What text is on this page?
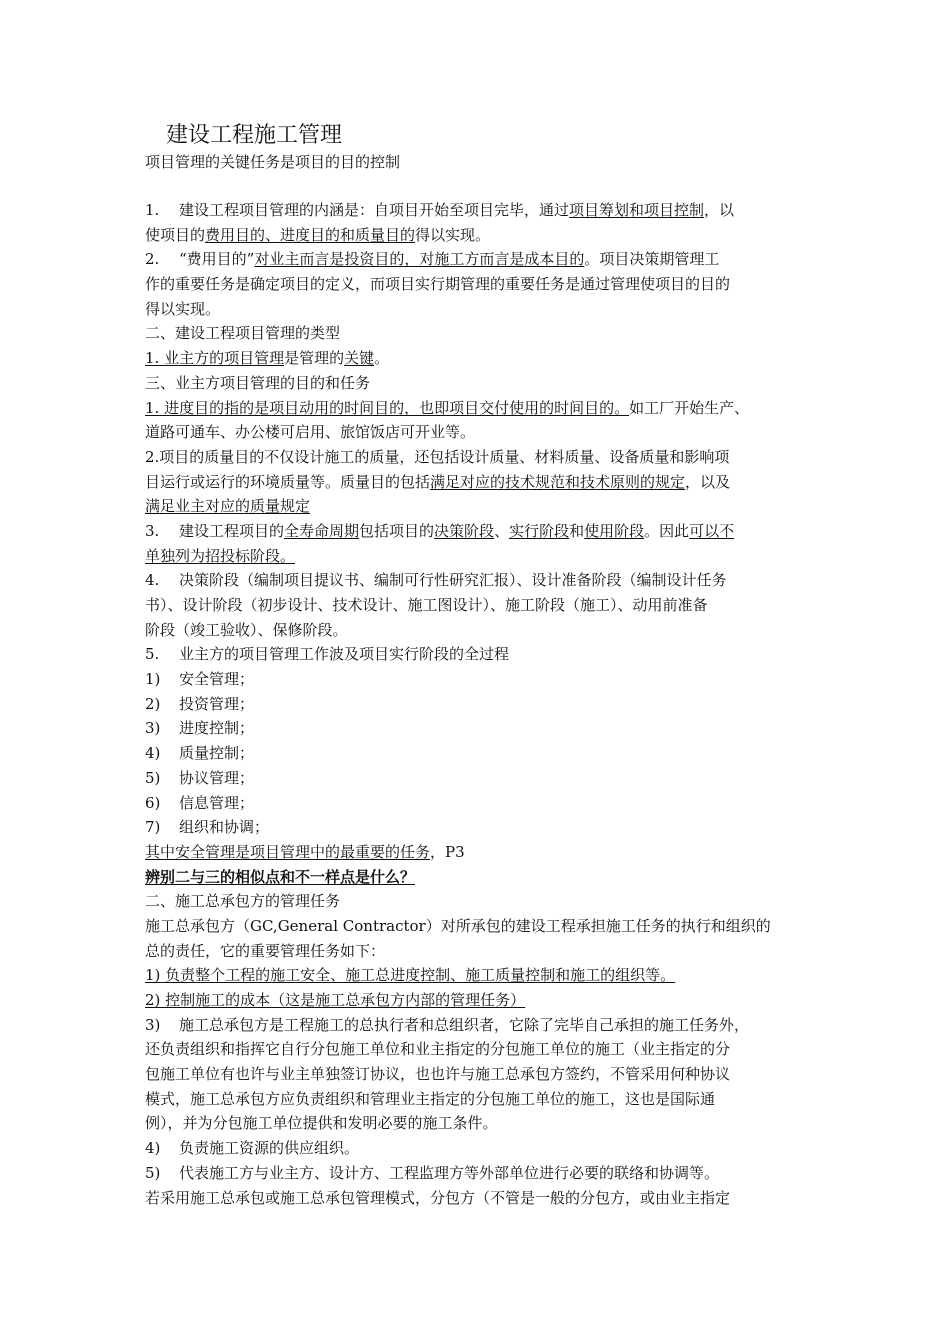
建设工程施工管理
项目管理的关键任务是项目的目的控制
1. 建设工程项目管理的内涵是：自项目开始至项目完毕，通过项目筹划和项目控制，以
使项目的费用目的、进度目的和质量目的得以实现。
2. “费用目的”对业主而言是投资目的，对施工方而言是成本目的。项目决策期管理工
作的重要任务是确定项目的定义，而项目实行期管理的重要任务是通过管理使项目的目的
得以实现。
二、建设工程项目管理的类型
1. 业主方的项目管理是管理的关键。
三、业主方项目管理的目的和任务
1. 进度目的指的是项目动用的时间目的，也即项目交付使用的时间目的。如工厂开始生产、
道路可通车、办公楼可启用、旅馆饭店可开业等。
2.项目的质量目的不仅设计施工的质量，还包括设计质量、材料质量、设备质量和影响项
目运行或运行的环境质量等。质量目的包括满足对应的技术规范和技术原则的规定，以及
满足业主对应的质量规定
3. 建设工程项目的全寿命周期包括项目的决策阶段、实行阶段和使用阶段。因此可以不
单独列为招投标阶段。
4. 决策阶段（编制项目提议书、编制可行性研究汇报）、设计准备阶段（编制设计任务
书）、设计阶段（初步设计、技术设计、施工图设计）、施工阶段（施工）、动用前准备
阶段（竣工验收）、保修阶段。
5. 业主方的项目管理工作波及项目实行阶段的全过程
1) 安全管理；
2) 投资管理；
3) 进度控制；
4) 质量控制；
5) 协议管理；
6) 信息管理；
7) 组织和协调；
其中安全管理是项目管理中的最重要的任务，P3
辨别二与三的相似点和不一样点是什么？
二、施工总承包方的管理任务
施工总承包方（GC,General Contractor）对所承包的建设工程承担施工任务的执行和组织的
总的责任，它的重要管理任务如下：
1) 负责整个工程的施工安全、施工总进度控制、施工质量控制和施工的组织等。
2) 控制施工的成本（这是施工总承包方内部的管理任务）
3) 施工总承包方是工程施工的总执行者和总组织者，它除了完毕自己承担的施工任务外，
还负责组织和指挥它自行分包施工单位和业主指定的分包施工单位的施工（业主指定的分
包施工单位有也许与业主单独签订协议，也也许与施工总承包方签约，不管采用何种协议
模式，施工总承包方应负责组织和管理业主指定的分包施工单位的施工，这也是国际通
例），并为分包施工单位提供和发明必要的施工条件。
4) 负责施工资源的供应组织。
5) 代表施工方与业主方、设计方、工程监理方等外部单位进行必要的联络和协调等。
若采用施工总承包或施工总承包管理模式，分包方（不管是一般的分包方，或由业主指定
